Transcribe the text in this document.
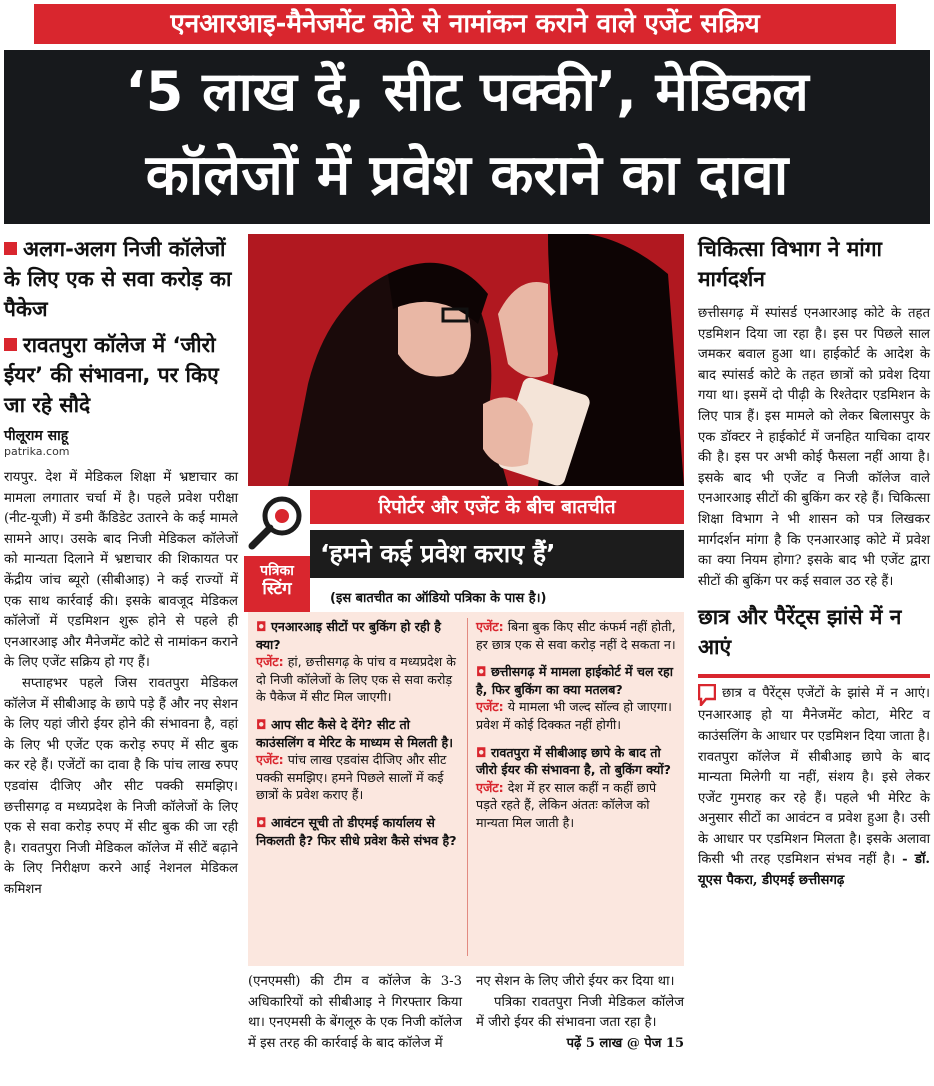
एनआरआइ-मैनेजमेंट कोटे से नामांकन कराने वाले एजेंट सक्रिय
‘5 लाख दें, सीट पक्की’, मेडिकल
कॉलेजों में प्रवेश कराने का दावा
अलग-अलग निजी कॉलेजों के लिए एक से सवा करोड़ का पैकेज
रावतपुरा कॉलेज में ‘जीरो ईयर’ की संभावना, पर किए जा रहे सौदे
पीलूराम साहू
patrika.com

रायपुर. देश में मेडिकल शिक्षा में भ्रष्टाचार का मामला लगातार चर्चा में है। पहले प्रवेश परीक्षा (नीट-यूजी) में डमी कैंडिडेट उतारने के कई मामले सामने आए। उसके बाद निजी मेडिकल कॉलेजों को मान्यता दिलाने में भ्रष्टाचार की शिकायत पर केंद्रीय जांच ब्यूरो (सीबीआइ) ने कई राज्यों में एक साथ कार्रवाई की। इसके बावजूद मेडिकल कॉलेजों में एडमिशन शुरू होने से पहले ही एनआरआइ और मैनेजमेंट कोटे से नामांकन कराने के लिए एजेंट सक्रिय हो गए हैं।

सप्ताहभर पहले जिस रावतपुरा मेडिकल कॉलेज में सीबीआइ के छापे पड़े हैं और नए सेशन के लिए यहां जीरो ईयर होने की संभावना है, वहां के लिए भी एजेंट एक करोड़ रुपए में सीट बुक कर रहे हैं। एजेंटों का दावा है कि पांच लाख रुपए एडवांस दीजिए और सीट पक्की समझिए। छत्तीसगढ़ व मध्यप्रदेश के निजी कॉलेजों के लिए एक से सवा करोड़ रुपए में सीट बुक की जा रही है। रावतपुरा निजी मेडिकल कॉलेज में सीटें बढ़ाने के लिए निरीक्षण करने आई नेशनल मेडिकल कमिशन

रिपोर्टर और एजेंट के बीच बातचीत
‘हमने कई प्रवेश कराए हैं’
पत्रिका
स्टिंग	(इस बातचीत का ऑडियो पत्रिका के पास है।)
◘ एनआरआइ सीटों पर बुकिंग हो रही है क्या?
एजेंट: हां, छत्तीसगढ़ के पांच व मध्यप्रदेश के दो निजी कॉलेजों के लिए एक से सवा करोड़ के पैकेज में सीट मिल जाएगी।
◘ आप सीट कैसे दे देंगे? सीट तो काउंसलिंग व मेरिट के माध्यम से मिलती है।
एजेंट: पांच लाख एडवांस दीजिए और सीट पक्की समझिए। हमने पिछले सालों में कई छात्रों के प्रवेश कराए हैं।
◘ आवंटन सूची तो डीएमई कार्यालय से निकलती है? फिर सीधे प्रवेश कैसे संभव है?
एजेंट: बिना बुक किए सीट कंफर्म नहीं होती, हर छात्र एक से सवा करोड़ नहीं दे सकता न।
◘ छत्तीसगढ़ में मामला हाईकोर्ट में चल रहा है, फिर बुकिंग का क्या मतलब?
एजेंट: ये मामला भी जल्द सॉल्व हो जाएगा। प्रवेश में कोई दिक्कत नहीं होगी।
◘ रावतपुरा में सीबीआइ छापे के बाद तो जीरो ईयर की संभावना है, तो बुकिंग क्यों?
एजेंट: देश में हर साल कहीं न कहीं छापे पड़ते रहते हैं, लेकिन अंततः कॉलेज को मान्यता मिल जाती है।

(एनएमसी) की टीम व कॉलेज के 3-3 अधिकारियों को सीबीआइ ने गिरफ्तार किया था। एनएमसी के बेंगलूरु के एक निजी कॉलेज में इस तरह की कार्रवाई के बाद कॉलेज में

नए सेशन के लिए जीरो ईयर कर दिया था।

पत्रिका रावतपुरा निजी मेडिकल कॉलेज में जीरो ईयर की संभावना जता रहा है।

पढ़ें 5 लाख @ पेज 15
चिकित्सा विभाग ने मांगा मार्गदर्शन
छत्तीसगढ़ में स्पांसर्ड एनआरआइ कोटे के तहत एडमिशन दिया जा रहा है। इस पर पिछले साल जमकर बवाल हुआ था। हाईकोर्ट के आदेश के बाद स्पांसर्ड कोटे के तहत छात्रों को प्रवेश दिया गया था। इसमें दो पीढ़ी के रिश्तेदार एडमिशन के लिए पात्र हैं। इस मामले को लेकर बिलासपुर के एक डॉक्टर ने हाईकोर्ट में जनहित याचिका दायर की है। इस पर अभी कोई फैसला नहीं आया है। इसके बाद भी एजेंट व निजी कॉलेज वाले एनआरआइ सीटों की बुकिंग कर रहे हैं। चिकित्सा शिक्षा विभाग ने भी शासन को पत्र लिखकर मार्गदर्शन मांगा है कि एनआरआइ कोटे में प्रवेश का क्या नियम होगा? इसके बाद भी एजेंट द्वारा सीटों की बुकिंग पर कई सवाल उठ रहे हैं।
छात्र और पैरेंट्स झांसे में न आएं
छात्र व पैरेंट्स एजेंटों के झांसे में न आएं। एनआरआइ हो या मैनेजमेंट कोटा, मेरिट व काउंसलिंग के आधार पर एडमिशन दिया जाता है। रावतपुरा कॉलेज में सीबीआइ छापे के बाद मान्यता मिलेगी या नहीं, संशय है। इसे लेकर एजेंट गुमराह कर रहे हैं। पहले भी मेरिट के अनुसार सीटों का आवंटन व प्रवेश हुआ है। उसी के आधार पर एडमिशन मिलता है। इसके अलावा किसी भी तरह एडमिशन संभव नहीं है। - डॉ. यूएस पैकरा, डीएमई छत्तीसगढ़
